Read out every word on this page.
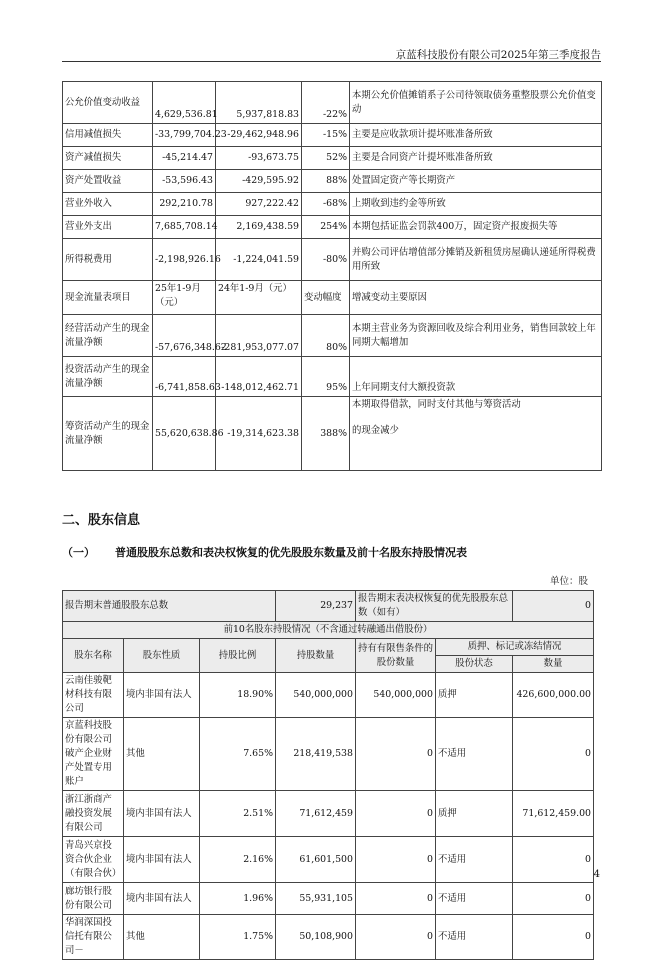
京蓝科技股份有限公司2025年第三季度报告
公允价值变动收益	4,629,536.81	5,937,818.83	-22%	本期公允价值摊销系子公司待领取债务重整股票公允价值变动
信用减值损失	-33,799,704.23	-29,462,948.96	-15%	主要是应收款项计提坏账准备所致
资产减值损失	-45,214.47	-93,673.75	52%	主要是合同资产计提坏账准备所致
资产处置收益	-53,596.43	-429,595.92	88%	处置固定资产等长期资产
营业外收入	292,210.78	927,222.42	-68%	上期收到违约金等所致
营业外支出	7,685,708.14	2,169,438.59	254%	本期包括证监会罚款400万，固定资产报废损失等
所得税费用	-2,198,926.16	-1,224,041.59	-80%	并购公司评估增值部分摊销及新租赁房屋确认递延所得税费用所致
现金流量表项目	25年1-9月（元）	24年1-9月（元）	变动幅度	增减变动主要原因
经营活动产生的现金流量净额	-57,676,348.62	-281,953,077.07	80%	本期主营业务为资源回收及综合利用业务，销售回款较上年同期大幅增加
投资活动产生的现金流量净额	-6,741,858.63	-148,012,462.71	95%	上年同期支付大额投资款
筹资活动产生的现金流量净额	55,620,638.86	-19,314,623.38	388%	本期取得借款，同时支付其他与筹资活动
的现金减少
二、股东信息
（一） 普通股股东总数和表决权恢复的优先股股东数量及前十名股东持股情况表
单位：股
报告期末普通股股东总数			29,237	报告期末表决权恢复的优先股股东总数（如有）		0
前10名股东持股情况（不含通过转融通出借股份）						
股东名称	股东性质	持股比例	持股数量	持有有限售条件的股份数量	质押、标记或冻结情况	
					股份状态	数量
云南佳骏靶材科技有限公司	境内非国有法人	18.90%	540,000,000	540,000,000	质押	426,600,000.00
京蓝科技股份有限公司破产企业财产处置专用账户	其他	7.65%	218,419,538	0	不适用	0
浙江浙商产融投资发展有限公司	境内非国有法人	2.51%	71,612,459	0	质押	71,612,459.00
青岛兴京投资合伙企业（有限合伙）	境内非国有法人	2.16%	61,601,500	0	不适用	0
廊坊银行股份有限公司	境内非国有法人	1.96%	55,931,105	0	不适用	0
华润深国投信托有限公司－	其他	1.75%	50,108,900	0	不适用	0
4
